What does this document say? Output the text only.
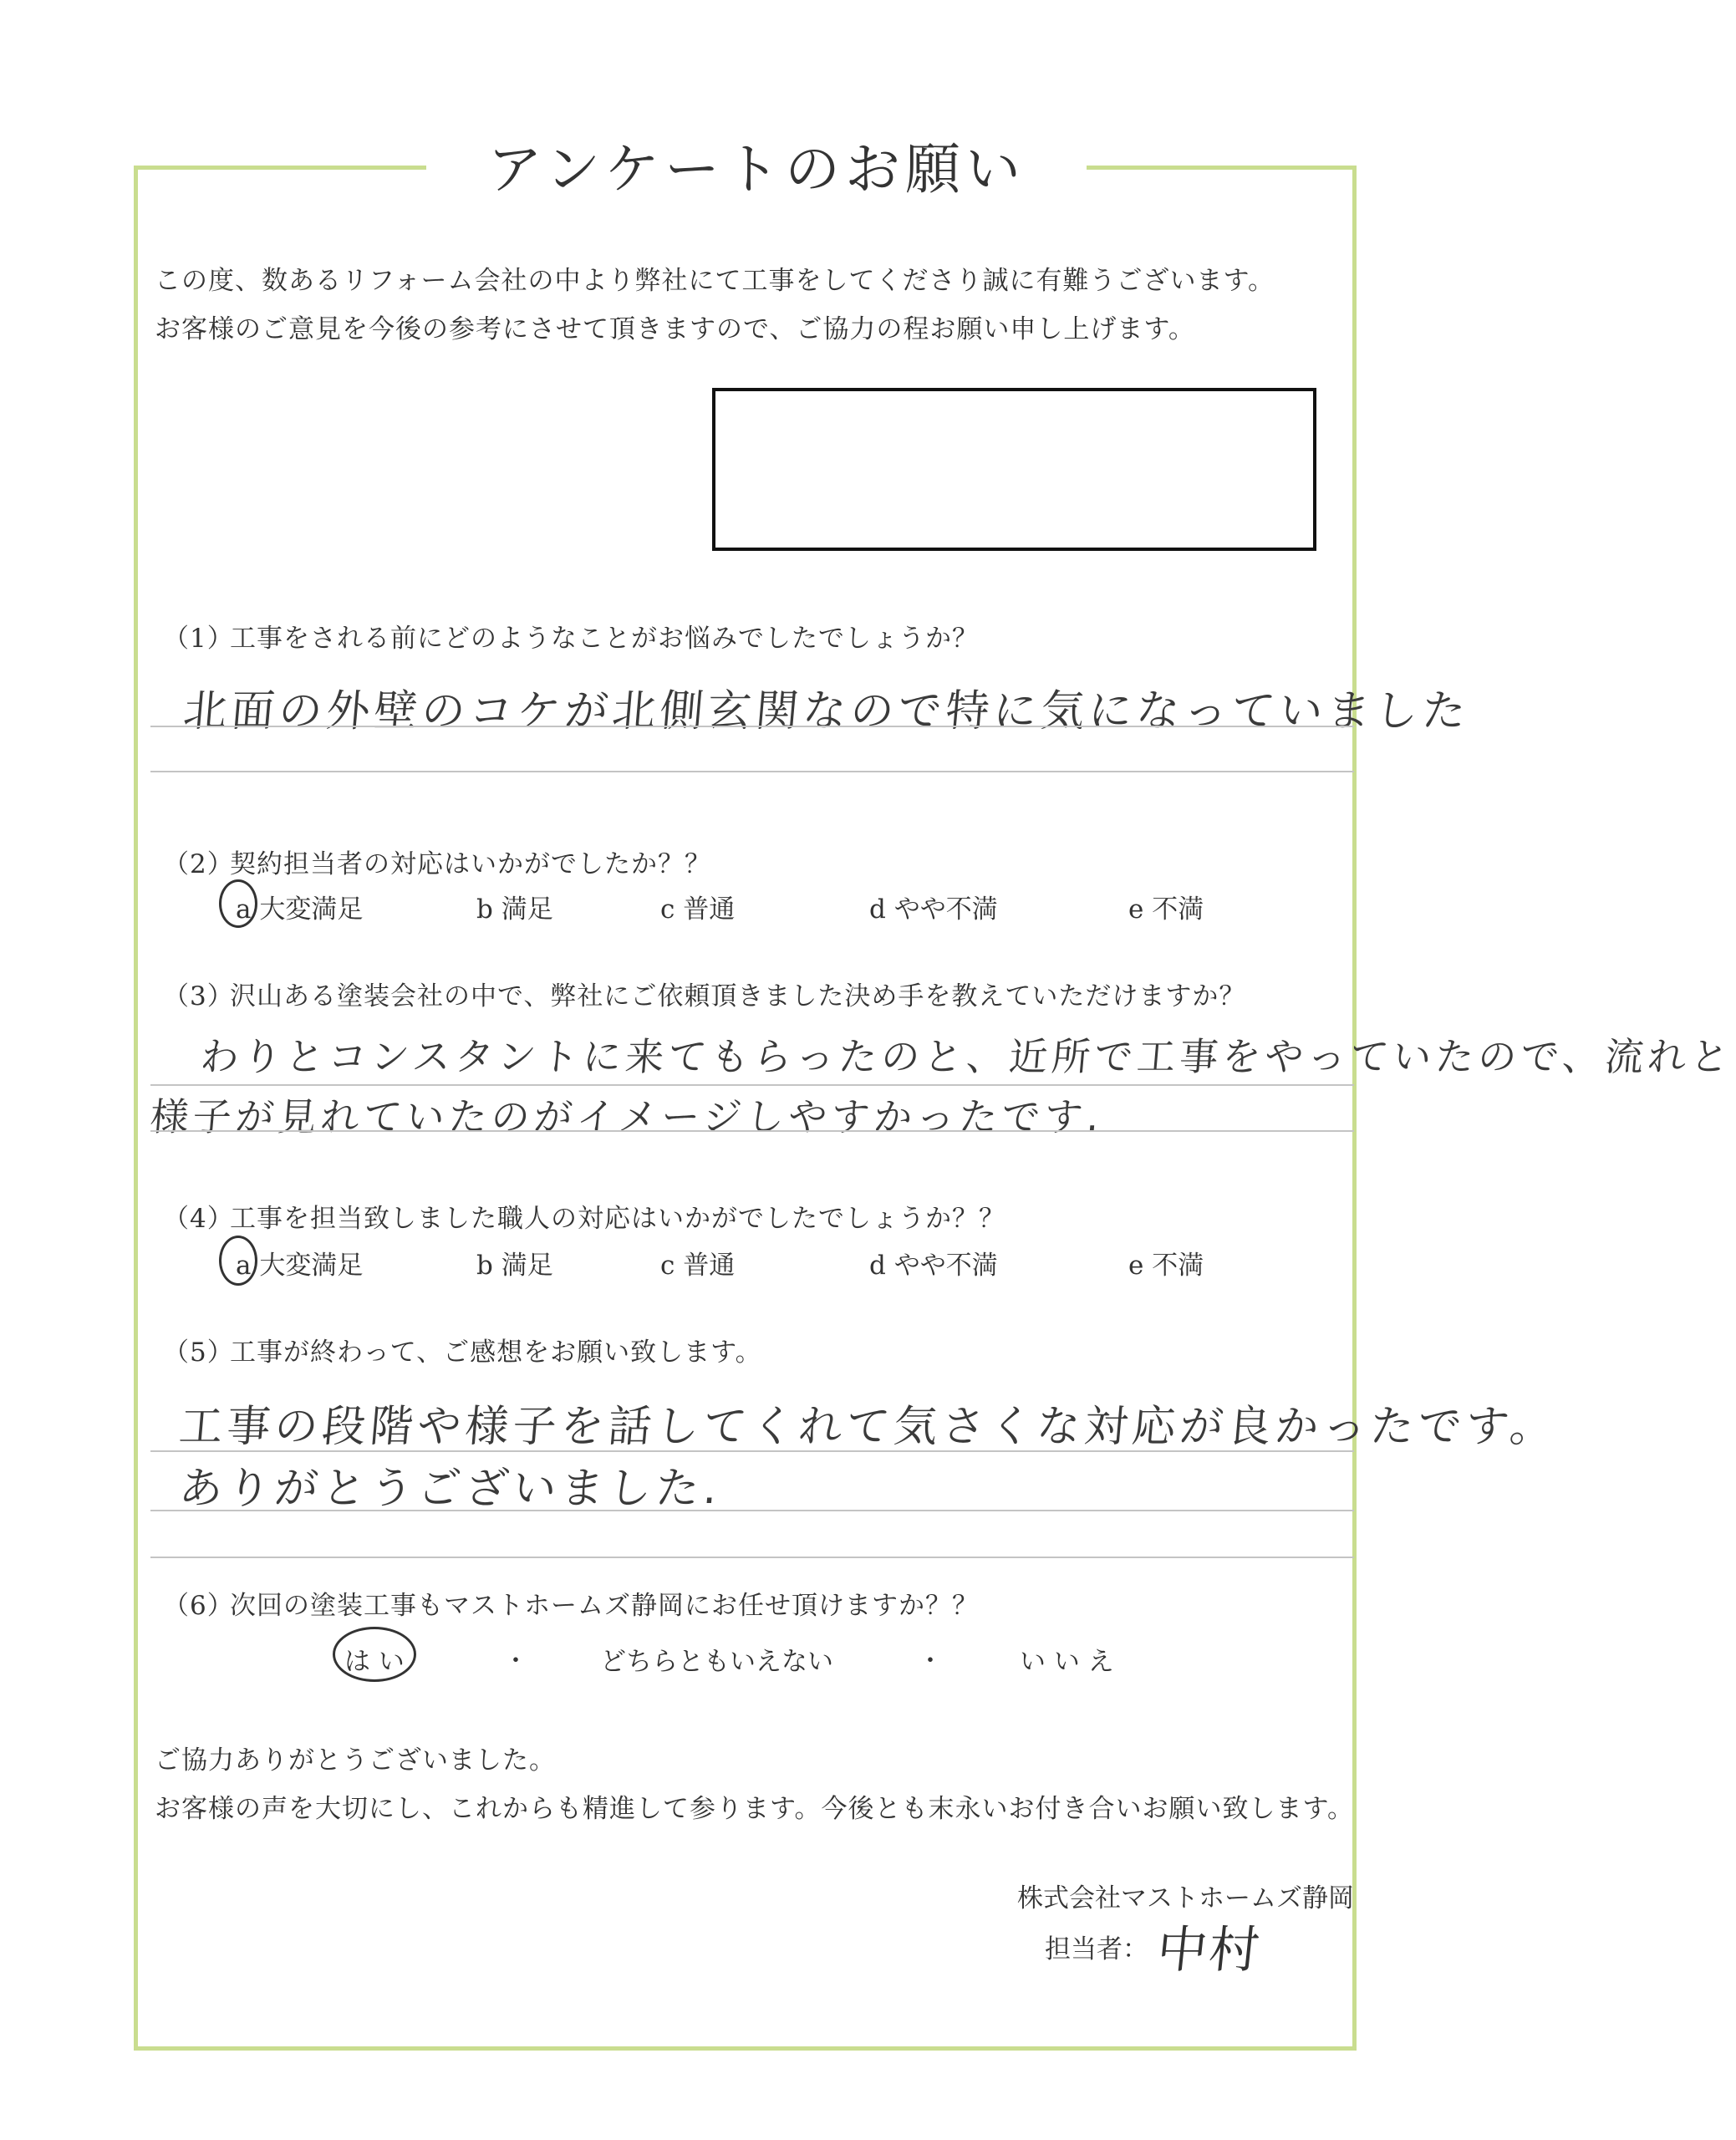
アンケートのお願い
この度、数あるリフォーム会社の中より弊社にて工事をしてくださり誠に有難うございます。
お客様のご意見を今後の参考にさせて頂きますので、ご協力の程お願い申し上げます。
（1）工事をされる前にどのようなことがお悩みでしたでしょうか？
北面の外壁のコケが北側玄関なので特に気になっていました
（2）契約担当者の対応はいかがでしたか？？
a 大変満足	b 満足	c 普通	d やや不満	e 不満
（3）沢山ある塗装会社の中で、弊社にご依頼頂きました決め手を教えていただけますか？
わりとコンスタントに来てもらったのと、近所で工事をやっていたので、流れと
様子が見れていたのがイメージしやすかったです.
（4）工事を担当致しました職人の対応はいかがでしたでしょうか？？
a 大変満足	b 満足	c 普通	d やや不満	e 不満
（5）工事が終わって、ご感想をお願い致します。
工事の段階や様子を話してくれて気さくな対応が良かったです。
ありがとうございました.
（6）次回の塗装工事もマストホームズ静岡にお任せ頂けますか？？
は い	・	どちらともいえない	・	い い え
ご協力ありがとうございました。
お客様の声を大切にし、これからも精進して参ります。今後とも末永いお付き合いお願い致します。
株式会社マストホームズ静岡
担当者： 中村
